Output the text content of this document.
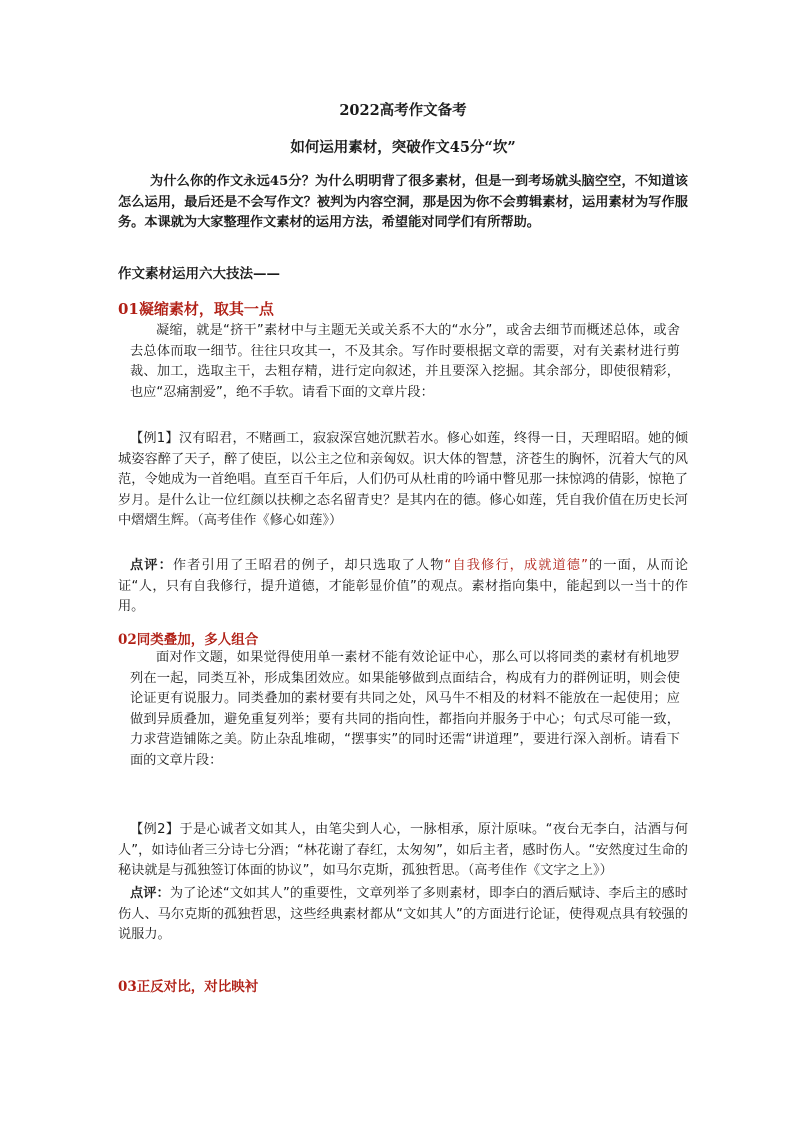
2022高考作文备考
如何运用素材，突破作文45分“坎”

为什么你的作文永远45分？为什么明明背了很多素材，但是一到考场就头脑空空，不知道该怎么运用，最后还是不会写作文？被判为内容空洞，那是因为你不会剪辑素材，运用素材为写作服务。本课就为大家整理作文素材的运用方法，希望能对同学们有所帮助。

作文素材运用六大技法——
01凝缩素材，取其一点

凝缩，就是“挤干”素材中与主题无关或关系不大的“水分”，或舍去细节而概述总体，或舍去总体而取一细节。往往只攻其一，不及其余。写作时要根据文章的需要，对有关素材进行剪裁、加工，选取主干，去粗存精，进行定向叙述，并且要深入挖掘。其余部分，即使很精彩，也应“忍痛割爱”，绝不手软。请看下面的文章片段：

【例1】汉有昭君，不赌画工，寂寂深宫她沉默若水。修心如莲，终得一日，天理昭昭。她的倾城姿容醉了天子，醉了使臣，以公主之位和亲匈奴。识大体的智慧，济苍生的胸怀，沉着大气的风范，令她成为一首绝唱。直至百千年后，人们仍可从杜甫的吟诵中瞥见那一抹惊鸿的倩影，惊艳了岁月。是什么让一位红颜以扶柳之态名留青史？是其内在的德。修心如莲，凭自我价值在历史长河中熠熠生辉。（高考佳作《修心如莲》）

点评：作者引用了王昭君的例子，却只选取了人物“自我修行，成就道德”的一面，从而论证“人，只有自我修行，提升道德，才能彰显价值”的观点。素材指向集中，能起到以一当十的作用。

02同类叠加，多人组合

面对作文题，如果觉得使用单一素材不能有效论证中心，那么可以将同类的素材有机地罗列在一起，同类互补，形成集团效应。如果能够做到点面结合，构成有力的群例证明，则会使论证更有说服力。同类叠加的素材要有共同之处，风马牛不相及的材料不能放在一起使用；应做到异质叠加，避免重复列举；要有共同的指向性，都指向并服务于中心；句式尽可能一致，力求营造铺陈之美。防止杂乱堆砌，“摆事实”的同时还需“讲道理”，要进行深入剖析。请看下面的文章片段：

【例2】于是心诚者文如其人，由笔尖到人心，一脉相承，原汁原味。“夜台无李白，沽酒与何人”，如诗仙者三分诗七分酒；“林花谢了春红，太匆匆”，如后主者，感时伤人。“安然度过生命的秘诀就是与孤独签订体面的协议”，如马尔克斯，孤独哲思。（高考佳作《文字之上》）

点评：为了论述“文如其人”的重要性，文章列举了多则素材，即李白的酒后赋诗、李后主的感时伤人、马尔克斯的孤独哲思，这些经典素材都从“文如其人”的方面进行论证，使得观点具有较强的说服力。

03正反对比，对比映衬
